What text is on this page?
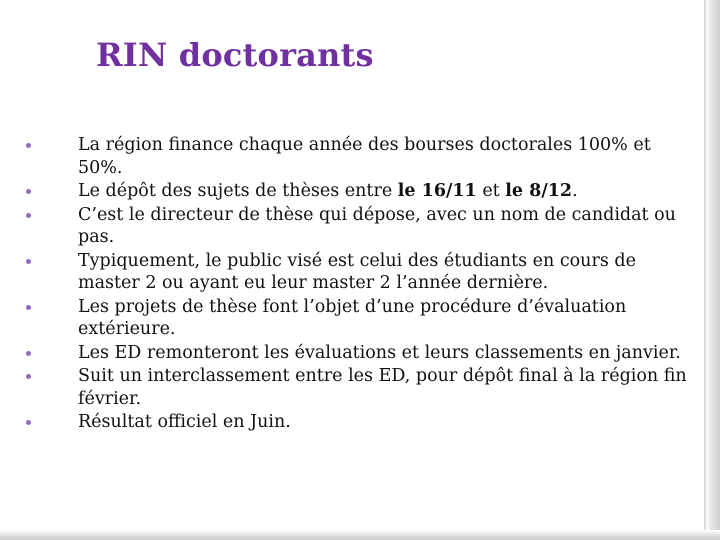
RIN doctorants
La région finance chaque année des bourses doctorales 100% et 50%.
Le dépôt des sujets de thèses entre le 16/11 et le 8/12.
C’est le directeur de thèse qui dépose, avec un nom de candidat ou pas.
Typiquement, le public visé est celui des étudiants en cours de master 2 ou ayant eu leur master 2 l’année dernière.
Les projets de thèse font l’objet d’une procédure d’évaluation extérieure.
Les ED remonteront les évaluations et leurs classements en janvier.
Suit un interclassement entre les ED, pour dépôt final à la région fin février.
Résultat officiel en Juin.
